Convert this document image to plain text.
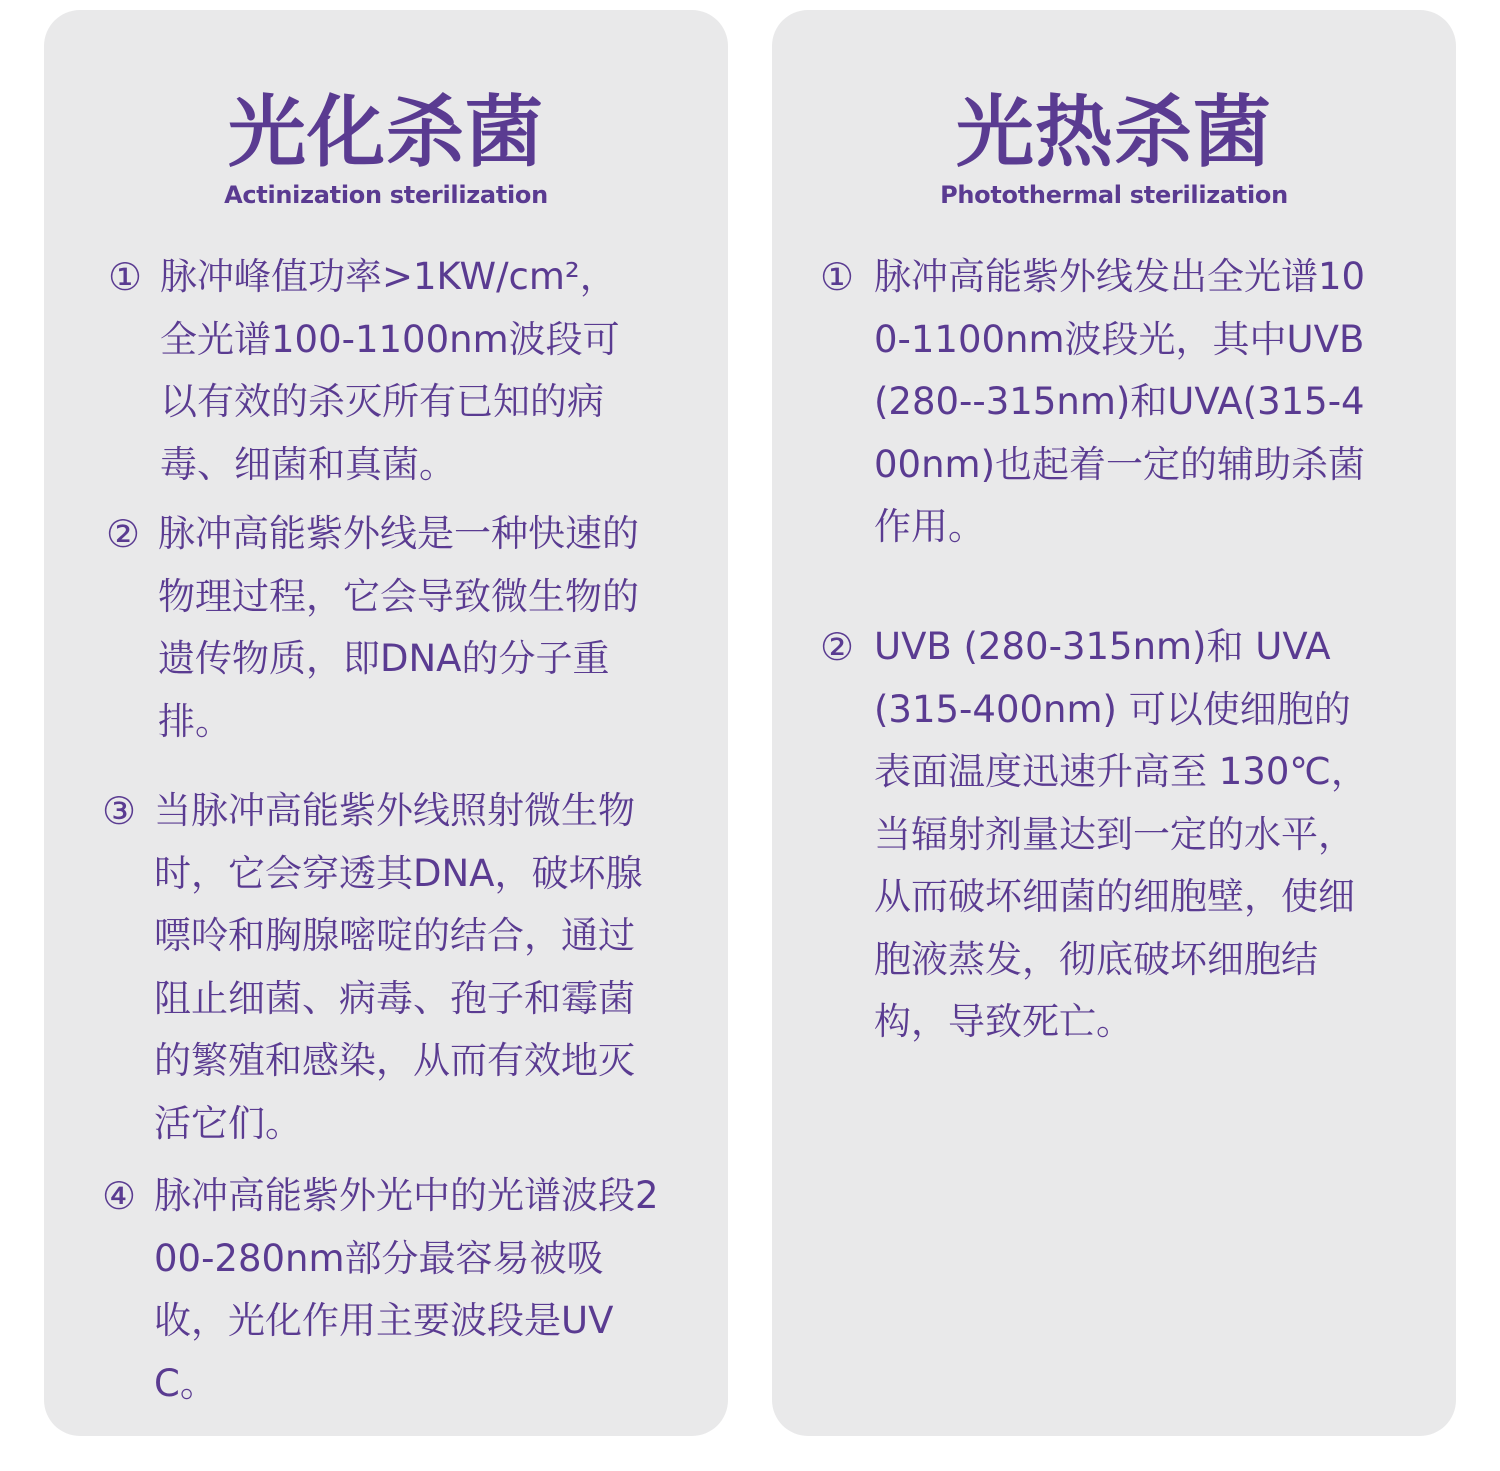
光化杀菌
Actinization sterilization
① 脉冲峰值功率>1KW/cm²，全光谱100-1100nm波段可以有效的杀灭所有已知的病毒、细菌和真菌。
② 脉冲高能紫外线是一种快速的物理过程，它会导致微生物的遗传物质，即DNA的分子重排。
③ 当脉冲高能紫外线照射微生物时，它会穿透其DNA，破坏腺嘌呤和胸腺嘧啶的结合，通过阻止细菌、病毒、孢子和霉菌的繁殖和感染，从而有效地灭活它们。
④ 脉冲高能紫外光中的光谱波段200-280nm部分最容易被吸收，光化作用主要波段是UVC。
光热杀菌
Photothermal sterilization
① 脉冲高能紫外线发出全光谱100-1100nm波段光，其中UVB(280--315nm)和UVA(315-400nm)也起着一定的辅助杀菌作用。
② UVB (280-315nm)和 UVA (315-400nm) 可以使细胞的表面温度迅速升高至 130℃，当辐射剂量达到一定的水平，从而破坏细菌的细胞壁，使细胞液蒸发，彻底破坏细胞结构，导致死亡。
